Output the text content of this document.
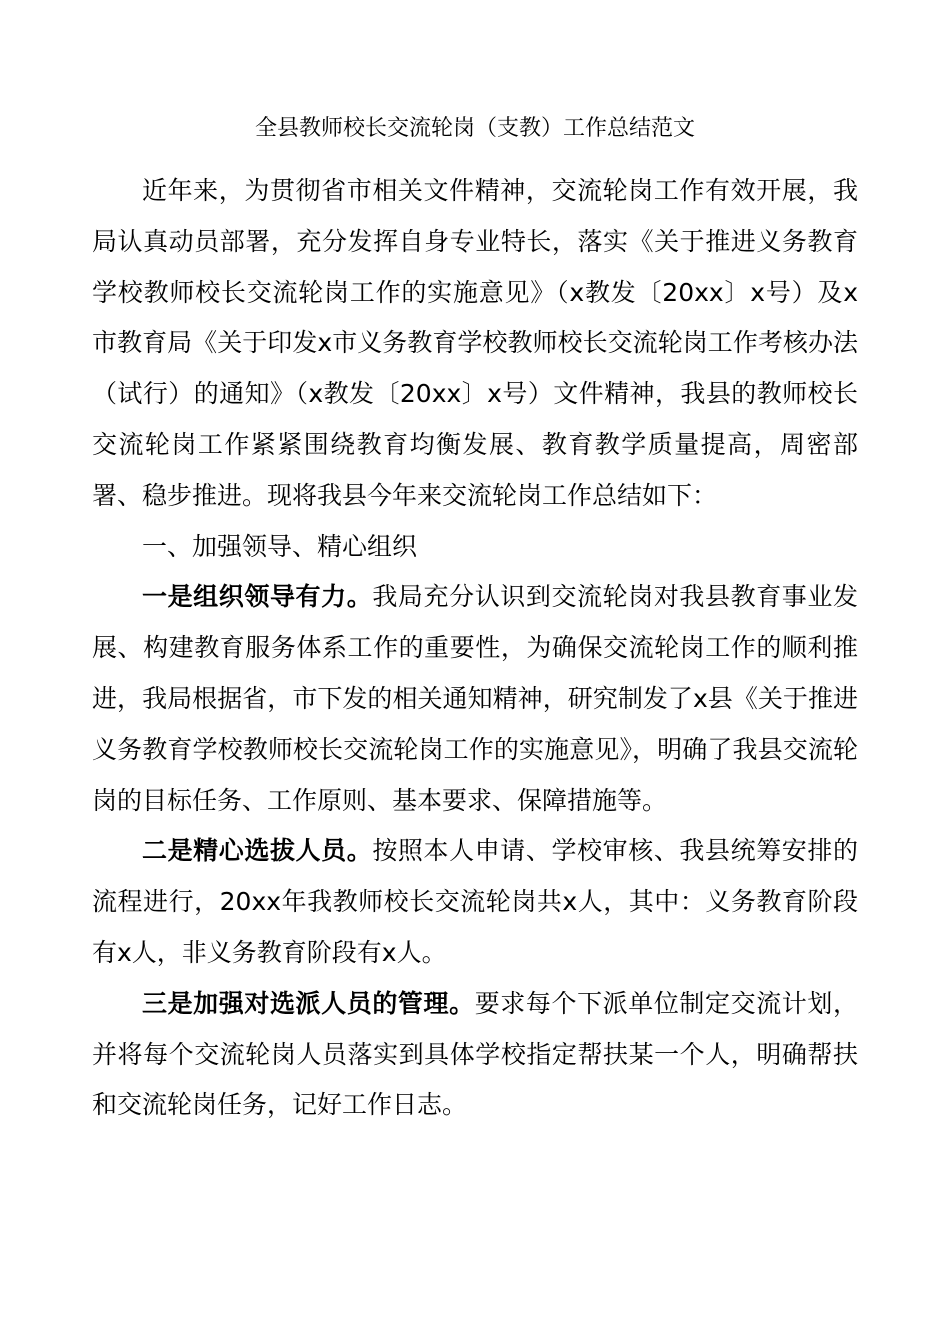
全县教师校长交流轮岗（支教）工作总结范文

近年来，为贯彻省市相关文件精神，交流轮岗工作有效开展，我局认真动员部署，充分发挥自身专业特长，落实《关于推进义务教育学校教师校长交流轮岗工作的实施意见》（x教发〔20xx〕x号）及x市教育局《关于印发x市义务教育学校教师校长交流轮岗工作考核办法（试行）的通知》（x教发〔20xx〕x号）文件精神，我县的教师校长交流轮岗工作紧紧围绕教育均衡发展、教育教学质量提高，周密部署、稳步推进。现将我县今年来交流轮岗工作总结如下：

一、加强领导、精心组织

一是组织领导有力。我局充分认识到交流轮岗对我县教育事业发展、构建教育服务体系工作的重要性，为确保交流轮岗工作的顺利推进，我局根据省，市下发的相关通知精神，研究制发了x县《关于推进义务教育学校教师校长交流轮岗工作的实施意见》，明确了我县交流轮岗的目标任务、工作原则、基本要求、保障措施等。

二是精心选拔人员。按照本人申请、学校审核、我县统筹安排的流程进行，20xx年我教师校长交流轮岗共x人，其中：义务教育阶段有x人，非义务教育阶段有x人。

三是加强对选派人员的管理。要求每个下派单位制定交流计划，并将每个交流轮岗人员落实到具体学校指定帮扶某一个人，明确帮扶和交流轮岗任务，记好工作日志。
